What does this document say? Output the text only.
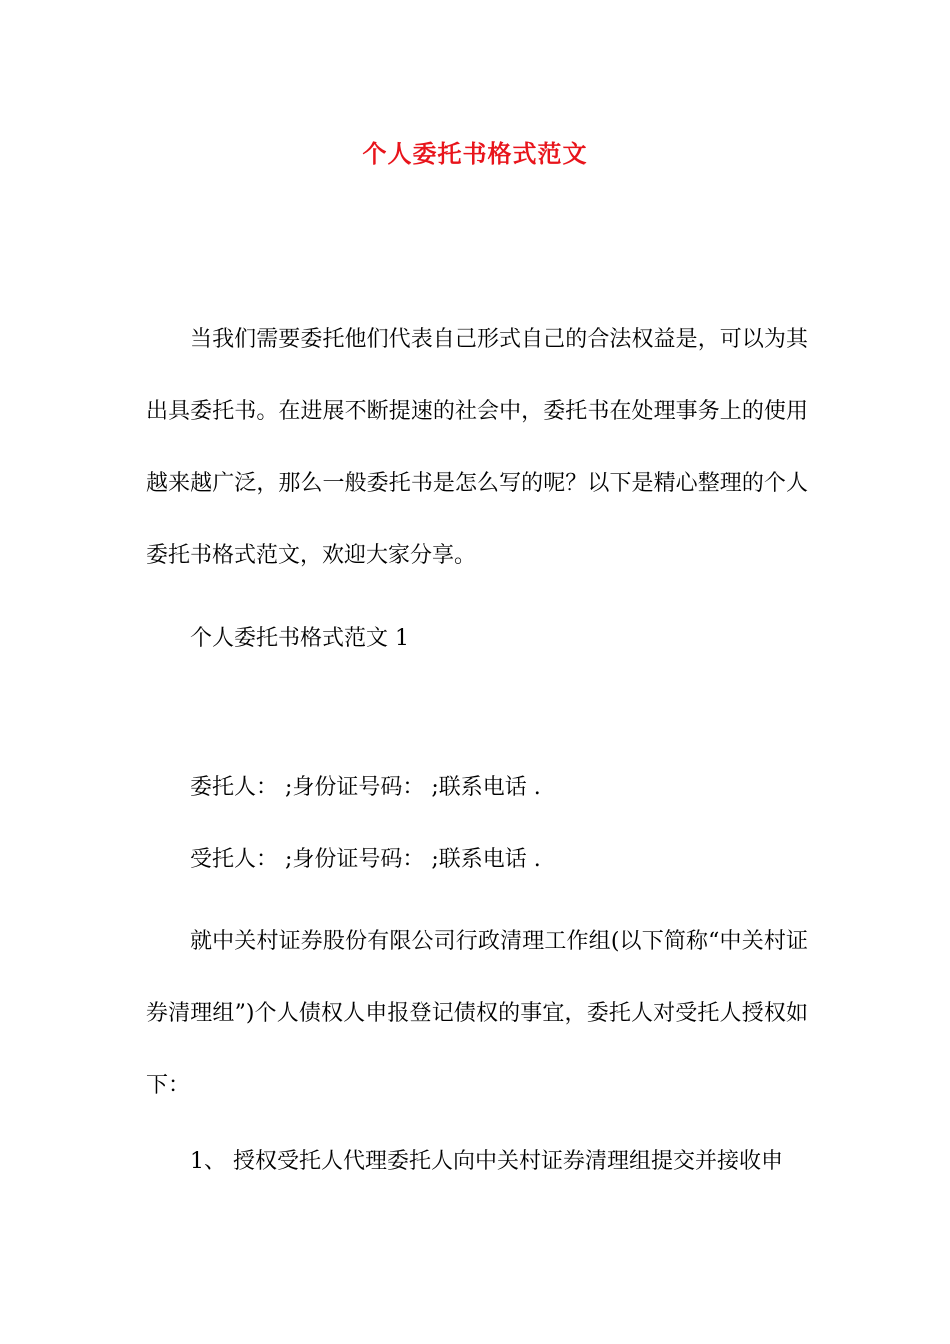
个人委托书格式范文

当我们需要委托他们代表自己形式自己的合法权益是，可以为其出具委托书。在进展不断提速的社会中，委托书在处理事务上的使用越来越广泛，那么一般委托书是怎么写的呢？以下是精心整理的个人委托书格式范文，欢迎大家分享。

个人委托书格式范文 1

委托人： ;身份证号码： ;联系电话 .

受托人： ;身份证号码： ;联系电话 .

就中关村证券股份有限公司行政清理工作组(以下简称“中关村证券清理组”)个人债权人申报登记债权的事宜，委托人对受托人授权如下：

1、 授权受托人代理委托人向中关村证券清理组提交并接收申
